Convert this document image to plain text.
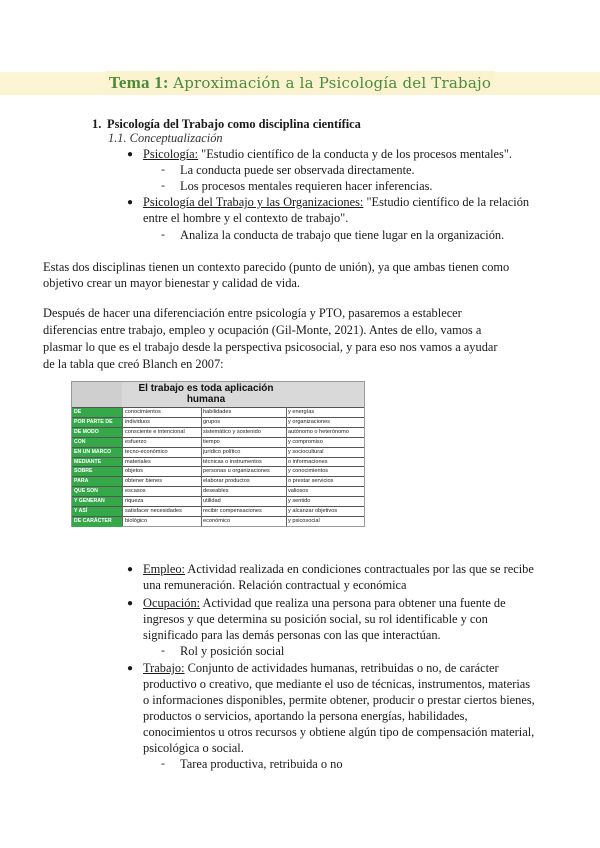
Tema 1: Aproximación a la Psicología del Trabajo
1. Psicología del Trabajo como disciplina científica
1.1. Conceptualización
● Psicología: "Estudio científico de la conducta y de los procesos mentales".
- La conducta puede ser observada directamente.
- Los procesos mentales requieren hacer inferencias.
● Psicología del Trabajo y las Organizaciones: "Estudio científico de la relación
entre el hombre y el contexto de trabajo".
- Analiza la conducta de trabajo que tiene lugar en la organización.
Estas dos disciplinas tienen un contexto parecido (punto de unión), ya que ambas tienen como
objetivo crear un mayor bienestar y calidad de vida.
Después de hacer una diferenciación entre psicología y PTO, pasaremos a establecer
diferencias entre trabajo, empleo y ocupación (Gil-Monte, 2021). Antes de ello, vamos a
plasmar lo que es el trabajo desde la perspectiva psicosocial, y para eso nos vamos a ayudar
de la tabla que creó Blanch en 2007:
El trabajo es toda aplicación humana
DE	conocimientos	habilidades	y energías
POR PARTE DE	individuos	grupos	y organizaciones
DE MODO	consciente e intencional	sistemático y sostenido	autónomo o heterónomo
CON	esfuerzo	tiempo	y compromiso
EN UN MARCO	tecno-económico	jurídico político	y sociocultural
MEDIANTE	materiales	técnicas o instrumentos	o informaciones
SOBRE	objetos	personas u organizaciones	y conocimientos
PARA	obtener bienes	elaborar productos	o prestar servicios
QUE SON	escasos	deseables	valiosos
Y GENERAN	riqueza	utilidad	y sentido
Y ASÍ	satisfacer necesidades	recibir compensaciones	y alcanzar objetivos
DE CARÁCTER	biológico	económico	y psicosocial
● Empleo: Actividad realizada en condiciones contractuales por las que se recibe
una remuneración. Relación contractual y económica
● Ocupación: Actividad que realiza una persona para obtener una fuente de
ingresos y que determina su posición social, su rol identificable y con
significado para las demás personas con las que interactúan.
- Rol y posición social
● Trabajo: Conjunto de actividades humanas, retribuidas o no, de carácter
productivo o creativo, que mediante el uso de técnicas, instrumentos, materias
o informaciones disponibles, permite obtener, producir o prestar ciertos bienes,
productos o servicios, aportando la persona energías, habilidades,
conocimientos u otros recursos y obtiene algún tipo de compensación material,
psicológica o social.
- Tarea productiva, retribuida o no
